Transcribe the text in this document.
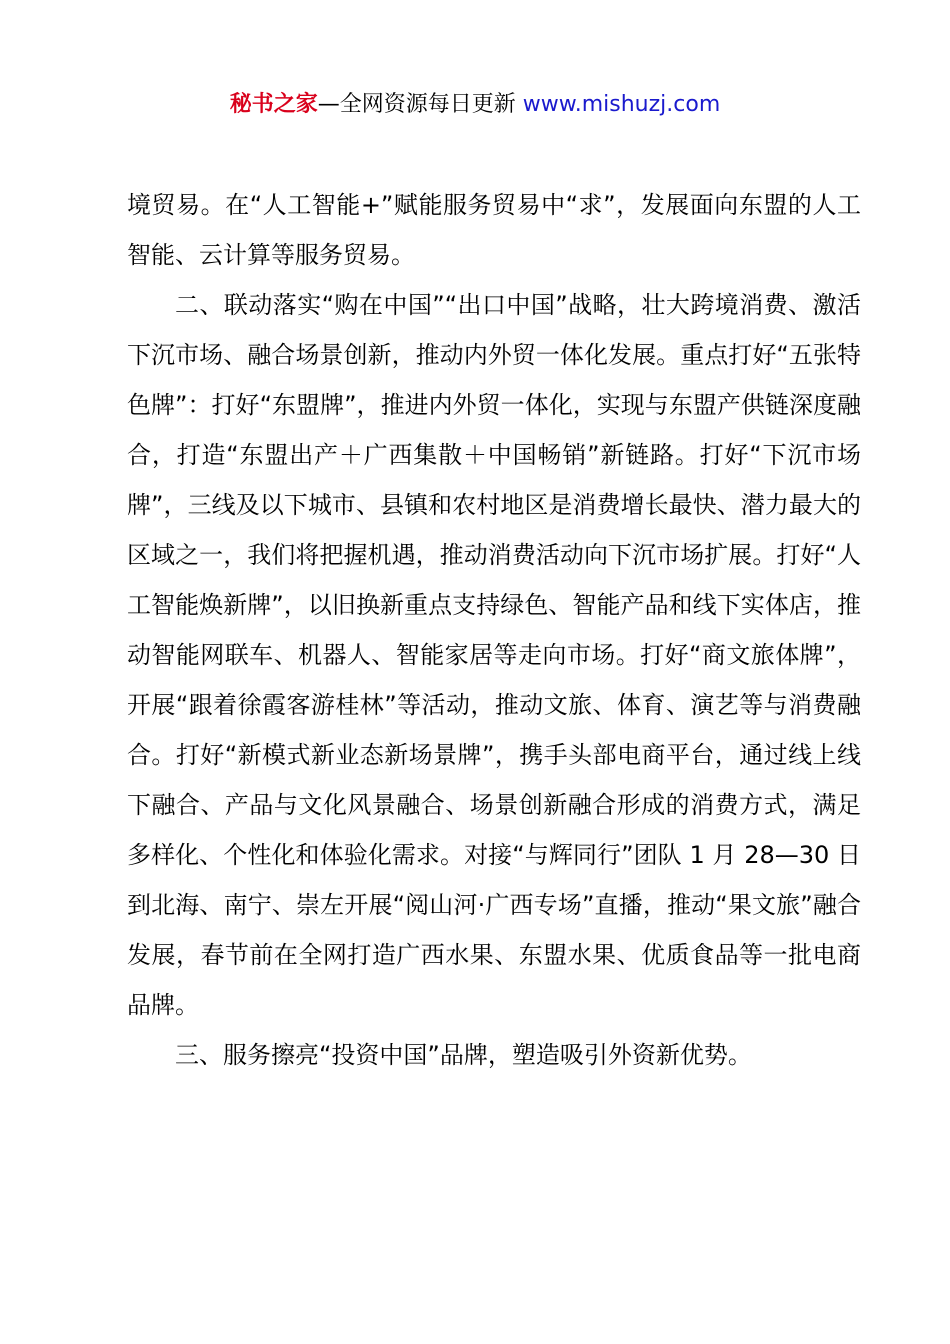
秘书之家—全网资源每日更新 www.mishuzj.com

境贸易。在“人工智能+”赋能服务贸易中“求”，发展面向东盟的人工智能、云计算等服务贸易。

二、联动落实“购在中国”“出口中国”战略，壮大跨境消费、激活下沉市场、融合场景创新，推动内外贸一体化发展。重点打好“五张特色牌”：打好“东盟牌”，推进内外贸一体化，实现与东盟产供链深度融合，打造“东盟出产＋广西集散＋中国畅销”新链路。打好“下沉市场牌”，三线及以下城市、县镇和农村地区是消费增长最快、潜力最大的区域之一，我们将把握机遇，推动消费活动向下沉市场扩展。打好“人工智能焕新牌”，以旧换新重点支持绿色、智能产品和线下实体店，推动智能网联车、机器人、智能家居等走向市场。打好“商文旅体牌”，开展“跟着徐霞客游桂林”等活动，推动文旅、体育、演艺等与消费融合。打好“新模式新业态新场景牌”，携手头部电商平台，通过线上线下融合、产品与文化风景融合、场景创新融合形成的消费方式，满足多样化、个性化和体验化需求。对接“与辉同行”团队 1 月 28—30 日到北海、南宁、崇左开展“阅山河·广西专场”直播，推动“果文旅”融合发展，春节前在全网打造广西水果、东盟水果、优质食品等一批电商品牌。

三、服务擦亮“投资中国”品牌，塑造吸引外资新优势。
